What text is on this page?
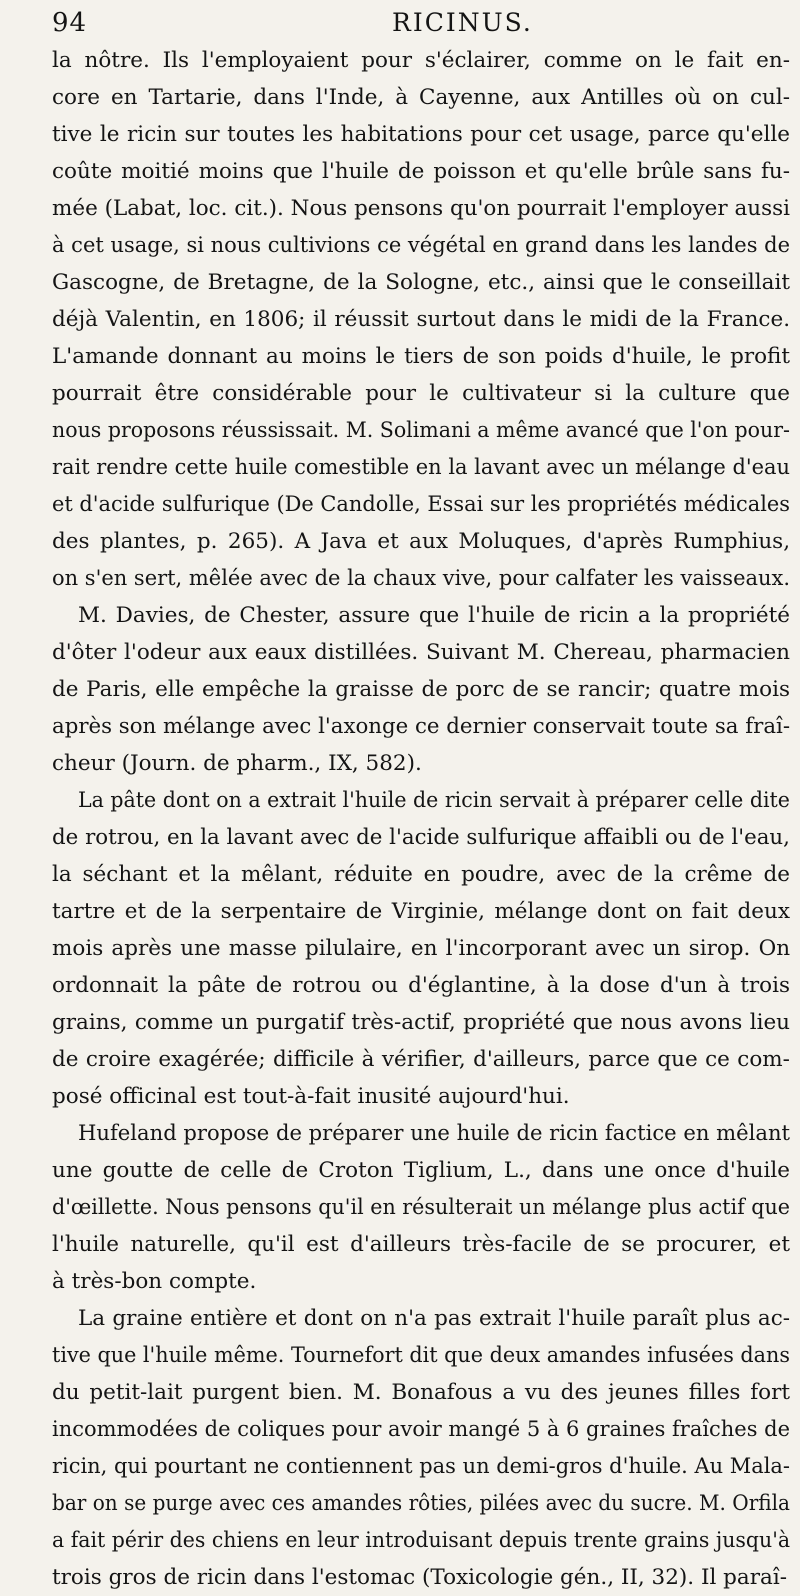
94	RICINUS.
la nôtre. Ils l'employaient pour s'éclairer, comme on le fait en-
core en Tartarie, dans l'Inde, à Cayenne, aux Antilles où on cul-
tive le ricin sur toutes les habitations pour cet usage, parce qu'elle
coûte moitié moins que l'huile de poisson et qu'elle brûle sans fu-
mée (Labat, loc. cit.). Nous pensons qu'on pourrait l'employer aussi
à cet usage, si nous cultivions ce végétal en grand dans les landes de
Gascogne, de Bretagne, de la Sologne, etc., ainsi que le conseillait
déjà Valentin, en 1806; il réussit surtout dans le midi de la France.
L'amande donnant au moins le tiers de son poids d'huile, le profit
pourrait être considérable pour le cultivateur si la culture que
nous proposons réussissait. M. Solimani a même avancé que l'on pour-
rait rendre cette huile comestible en la lavant avec un mélange d'eau
et d'acide sulfurique (De Candolle, Essai sur les propriétés médicales
des plantes, p. 265). A Java et aux Moluques, d'après Rumphius,
on s'en sert, mêlée avec de la chaux vive, pour calfater les vaisseaux.
M. Davies, de Chester, assure que l'huile de ricin a la propriété
d'ôter l'odeur aux eaux distillées. Suivant M. Chereau, pharmacien
de Paris, elle empêche la graisse de porc de se rancir; quatre mois
après son mélange avec l'axonge ce dernier conservait toute sa fraî-
cheur (Journ. de pharm., IX, 582).
La pâte dont on a extrait l'huile de ricin servait à préparer celle dite
de rotrou, en la lavant avec de l'acide sulfurique affaibli ou de l'eau,
la séchant et la mêlant, réduite en poudre, avec de la crême de
tartre et de la serpentaire de Virginie, mélange dont on fait deux
mois après une masse pilulaire, en l'incorporant avec un sirop. On
ordonnait la pâte de rotrou ou d'églantine, à la dose d'un à trois
grains, comme un purgatif très-actif, propriété que nous avons lieu
de croire exagérée; difficile à vérifier, d'ailleurs, parce que ce com-
posé officinal est tout-à-fait inusité aujourd'hui.
Hufeland propose de préparer une huile de ricin factice en mêlant
une goutte de celle de Croton Tiglium, L., dans une once d'huile
d'œillette. Nous pensons qu'il en résulterait un mélange plus actif que
l'huile naturelle, qu'il est d'ailleurs très-facile de se procurer, et
à très-bon compte.
La graine entière et dont on n'a pas extrait l'huile paraît plus ac-
tive que l'huile même. Tournefort dit que deux amandes infusées dans
du petit-lait purgent bien. M. Bonafous a vu des jeunes filles fort
incommodées de coliques pour avoir mangé 5 à 6 graines fraîches de
ricin, qui pourtant ne contiennent pas un demi-gros d'huile. Au Mala-
bar on se purge avec ces amandes rôties, pilées avec du sucre. M. Orfila
a fait périr des chiens en leur introduisant depuis trente grains jusqu'à
trois gros de ricin dans l'estomac (Toxicologie gén., II, 32). Il paraî-
